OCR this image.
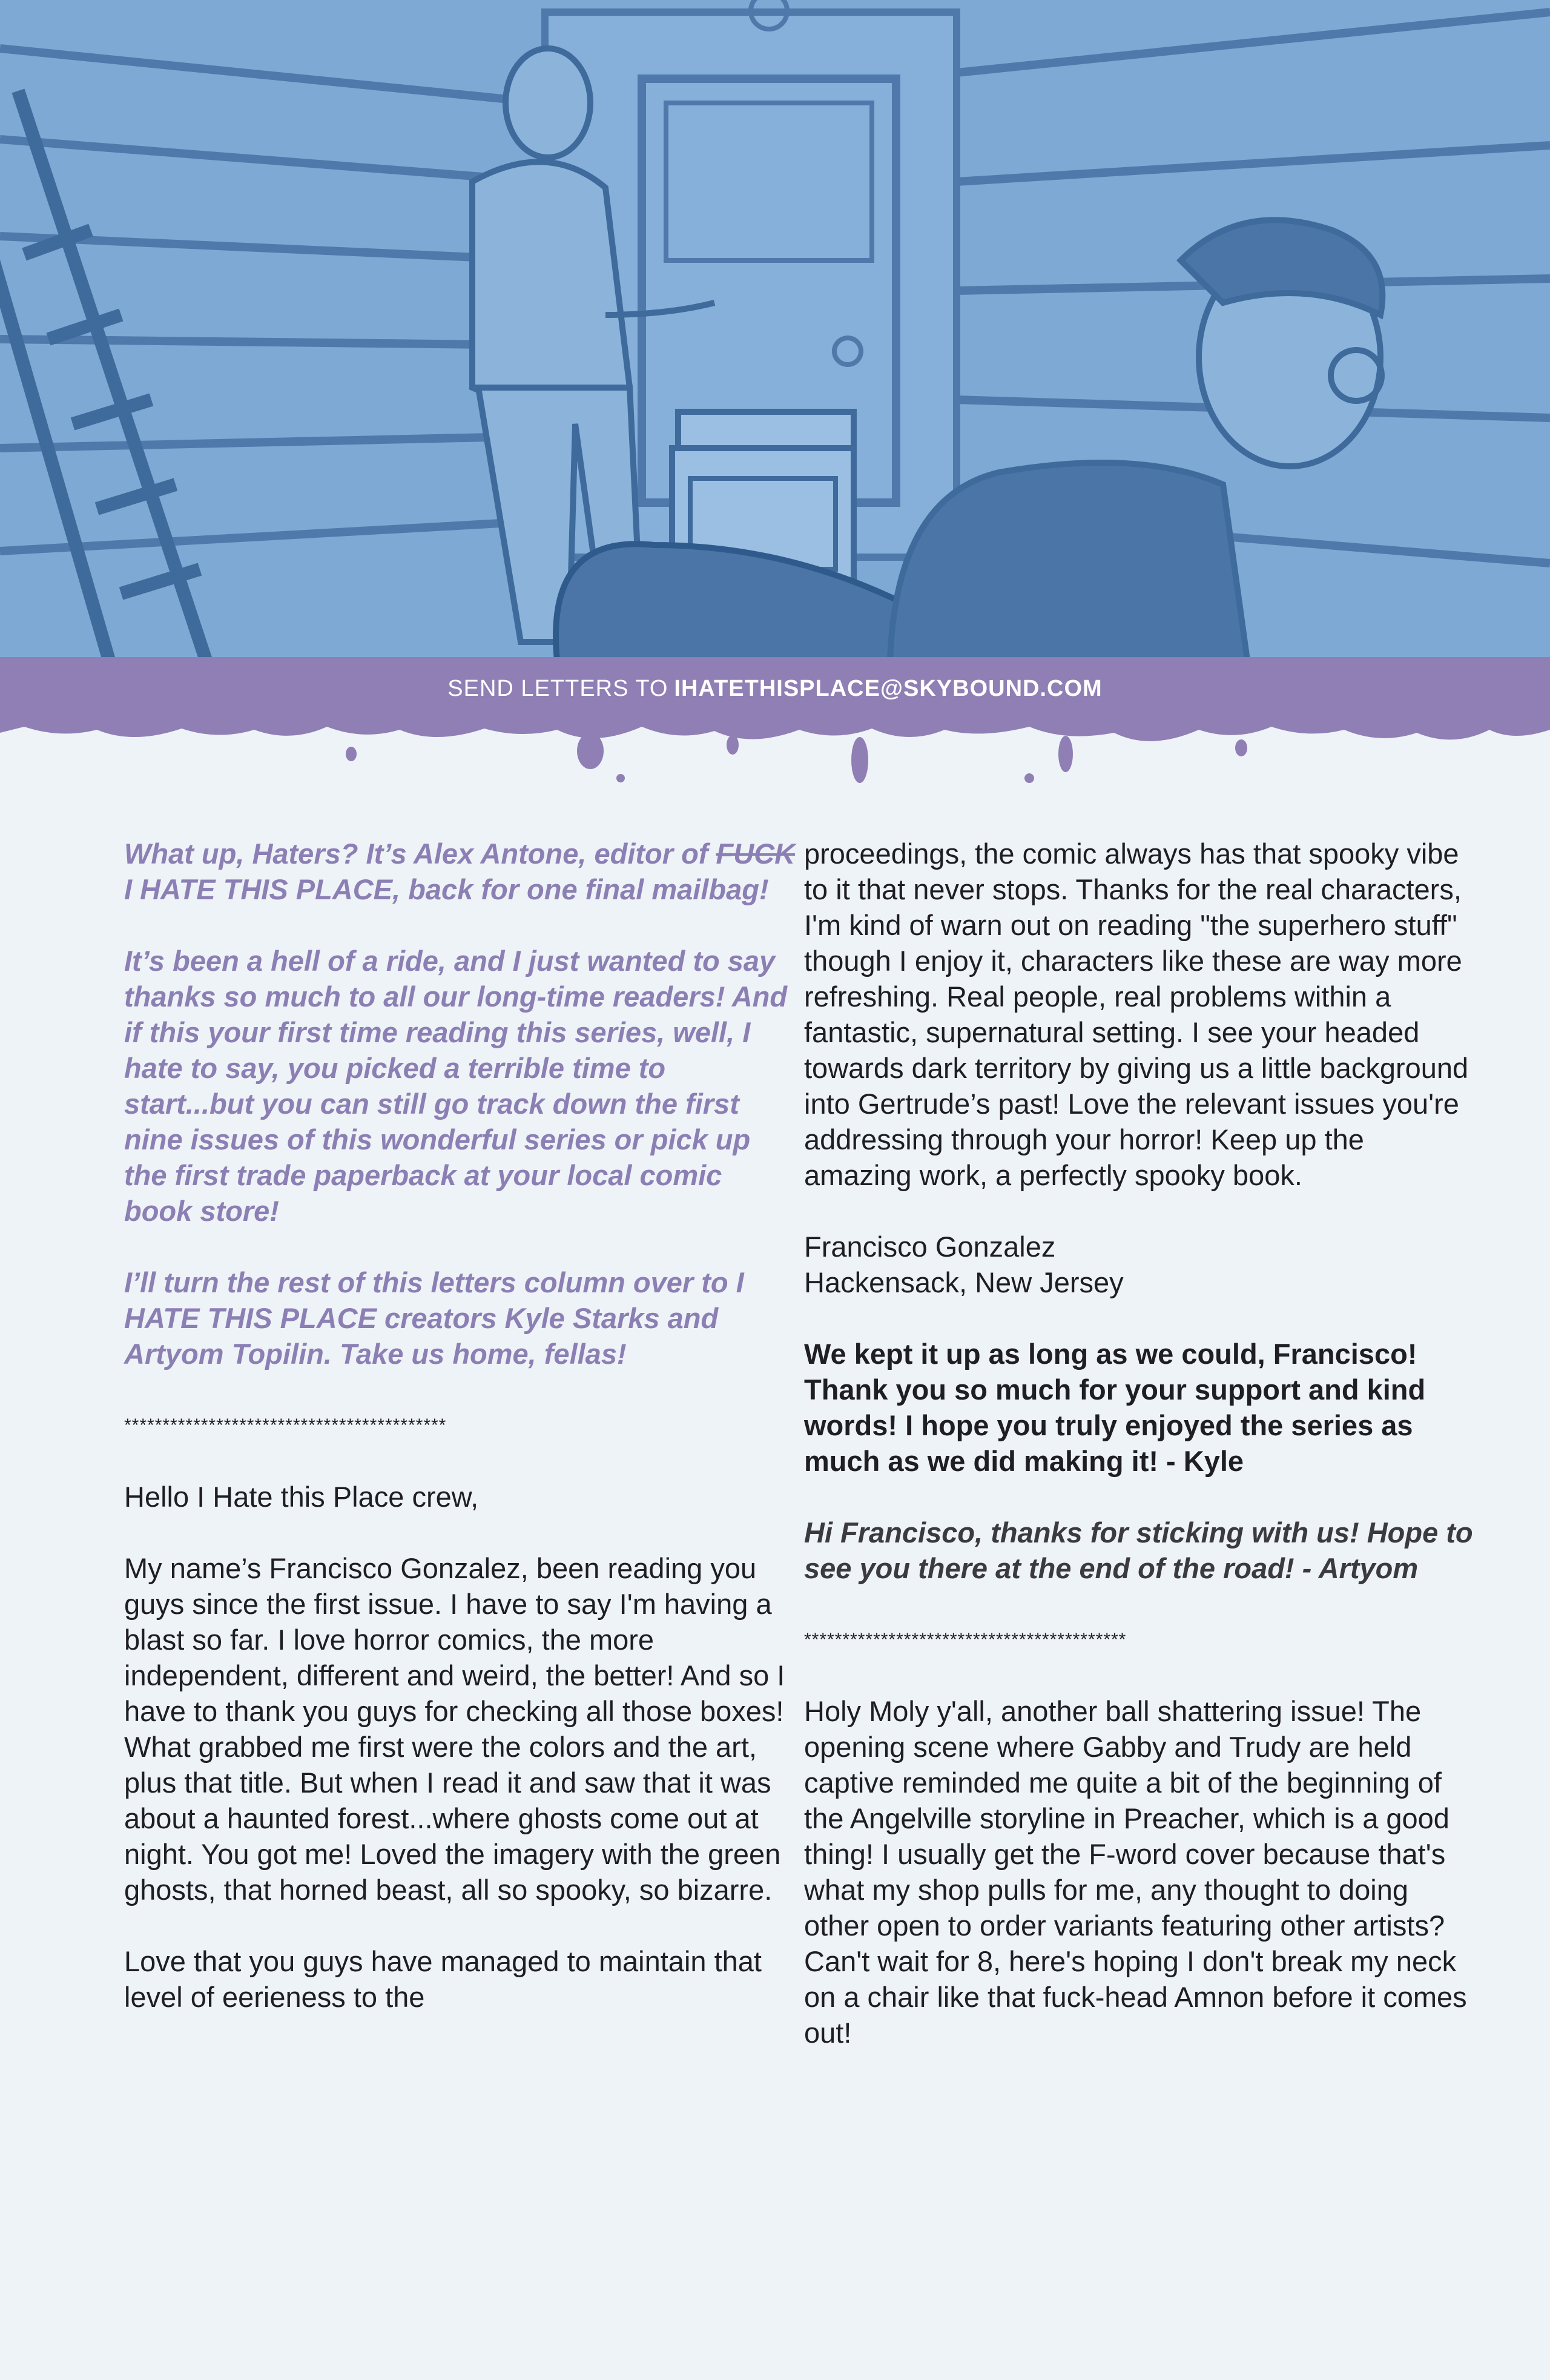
SEND LETTERS TO IHATETHISPLACE@SKYBOUND.COM

What up, Haters? It’s Alex Antone, editor of FUCK I HATE THIS PLACE, back for one final mailbag!

It’s been a hell of a ride, and I just wanted to say thanks so much to all our long-time readers! And if this your first time reading this series, well, I hate to say, you picked a terrible time to start...but you can still go track down the first nine issues of this wonderful series or pick up the first trade paperback at your local comic book store!

I’ll turn the rest of this letters column over to I HATE THIS PLACE creators Kyle Starks and Artyom Topilin. Take us home, fellas!

******************************************

Hello I Hate this Place crew,

My name’s Francisco Gonzalez, been reading you guys since the first issue. I have to say I'm having a blast so far. I love horror comics, the more independent, different and weird, the better! And so I have to thank you guys for checking all those boxes! What grabbed me first were the colors and the art, plus that title. But when I read it and saw that it was about a haunted forest...where ghosts come out at night. You got me! Loved the imagery with the green ghosts, that horned beast, all so spooky, so bizarre.

Love that you guys have managed to maintain that level of eerieness to the

proceedings, the comic always has that spooky vibe to it that never stops. Thanks for the real characters, I'm kind of warn out on reading "the superhero stuff" though I enjoy it, characters like these are way more refreshing. Real people, real problems within a fantastic, supernatural setting. I see your headed towards dark territory by giving us a little background into Gertrude’s past! Love the relevant issues you're addressing through your horror! Keep up the amazing work, a perfectly spooky book.

Francisco Gonzalez

Hackensack, New Jersey

We kept it up as long as we could, Francisco! Thank you so much for your support and kind words! I hope you truly enjoyed the series as much as we did making it! - Kyle

Hi Francisco, thanks for sticking with us! Hope to see you there at the end of the road! - Artyom

******************************************

Holy Moly y'all, another ball shattering issue! The opening scene where Gabby and Trudy are held captive reminded me quite a bit of the beginning of the Angelville storyline in Preacher, which is a good thing! I usually get the F-word cover because that's what my shop pulls for me, any thought to doing other open to order variants featuring other artists? Can't wait for 8, here's hoping I don't break my neck on a chair like that fuck-head Amnon before it comes out!
